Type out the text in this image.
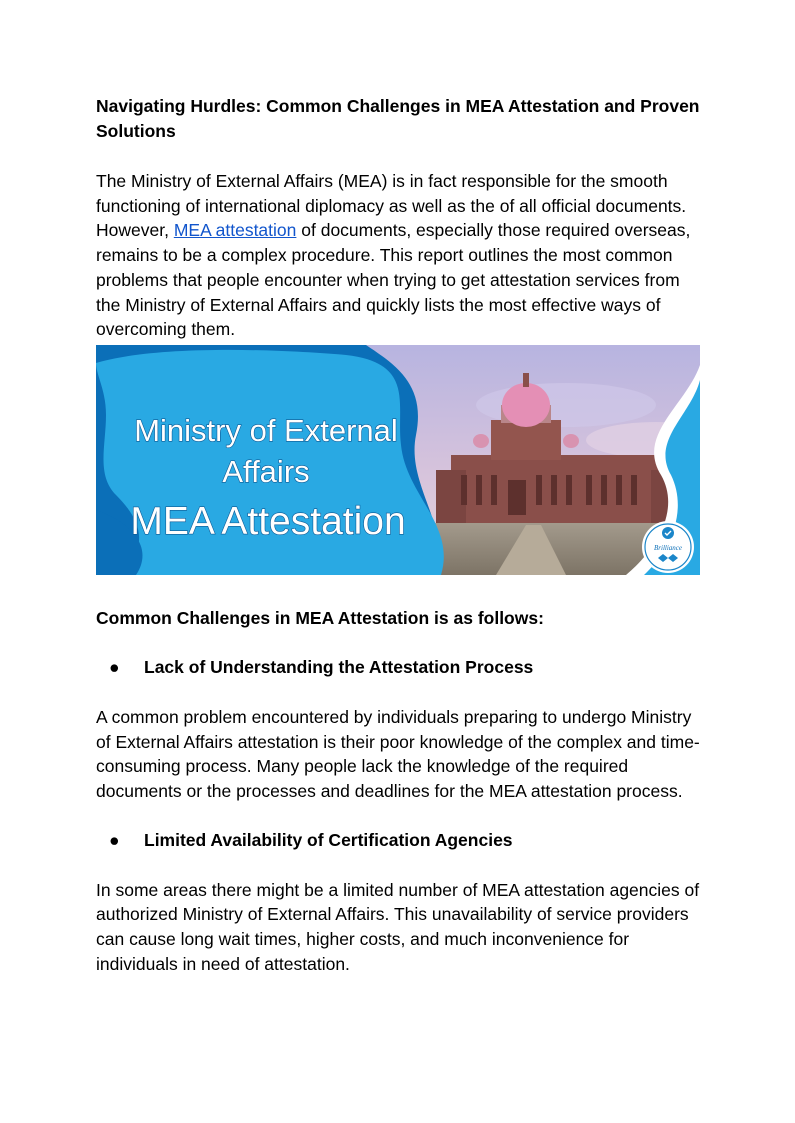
Navigating Hurdles: Common Challenges in MEA Attestation and Proven Solutions

The Ministry of External Affairs (MEA) is in fact responsible for the smooth functioning of international diplomacy as well as the of all official documents. However, MEA attestation of documents, especially those required overseas, remains to be a complex procedure. This report outlines the most common problems that people encounter when trying to get attestation services from the Ministry of External Affairs and quickly lists the most effective ways of overcoming them.

Ministry of External
Affairs
MEA Attestation
Brilliance

Common Challenges in MEA Attestation is as follows:

● Lack of Understanding the Attestation Process

A common problem encountered by individuals preparing to undergo Ministry of External Affairs attestation is their poor knowledge of the complex and time-consuming process. Many people lack the knowledge of the required documents or the processes and deadlines for the MEA attestation process.

● Limited Availability of Certification Agencies

In some areas there might be a limited number of MEA attestation agencies of authorized Ministry of External Affairs. This unavailability of service providers can cause long wait times, higher costs, and much inconvenience for individuals in need of attestation.
